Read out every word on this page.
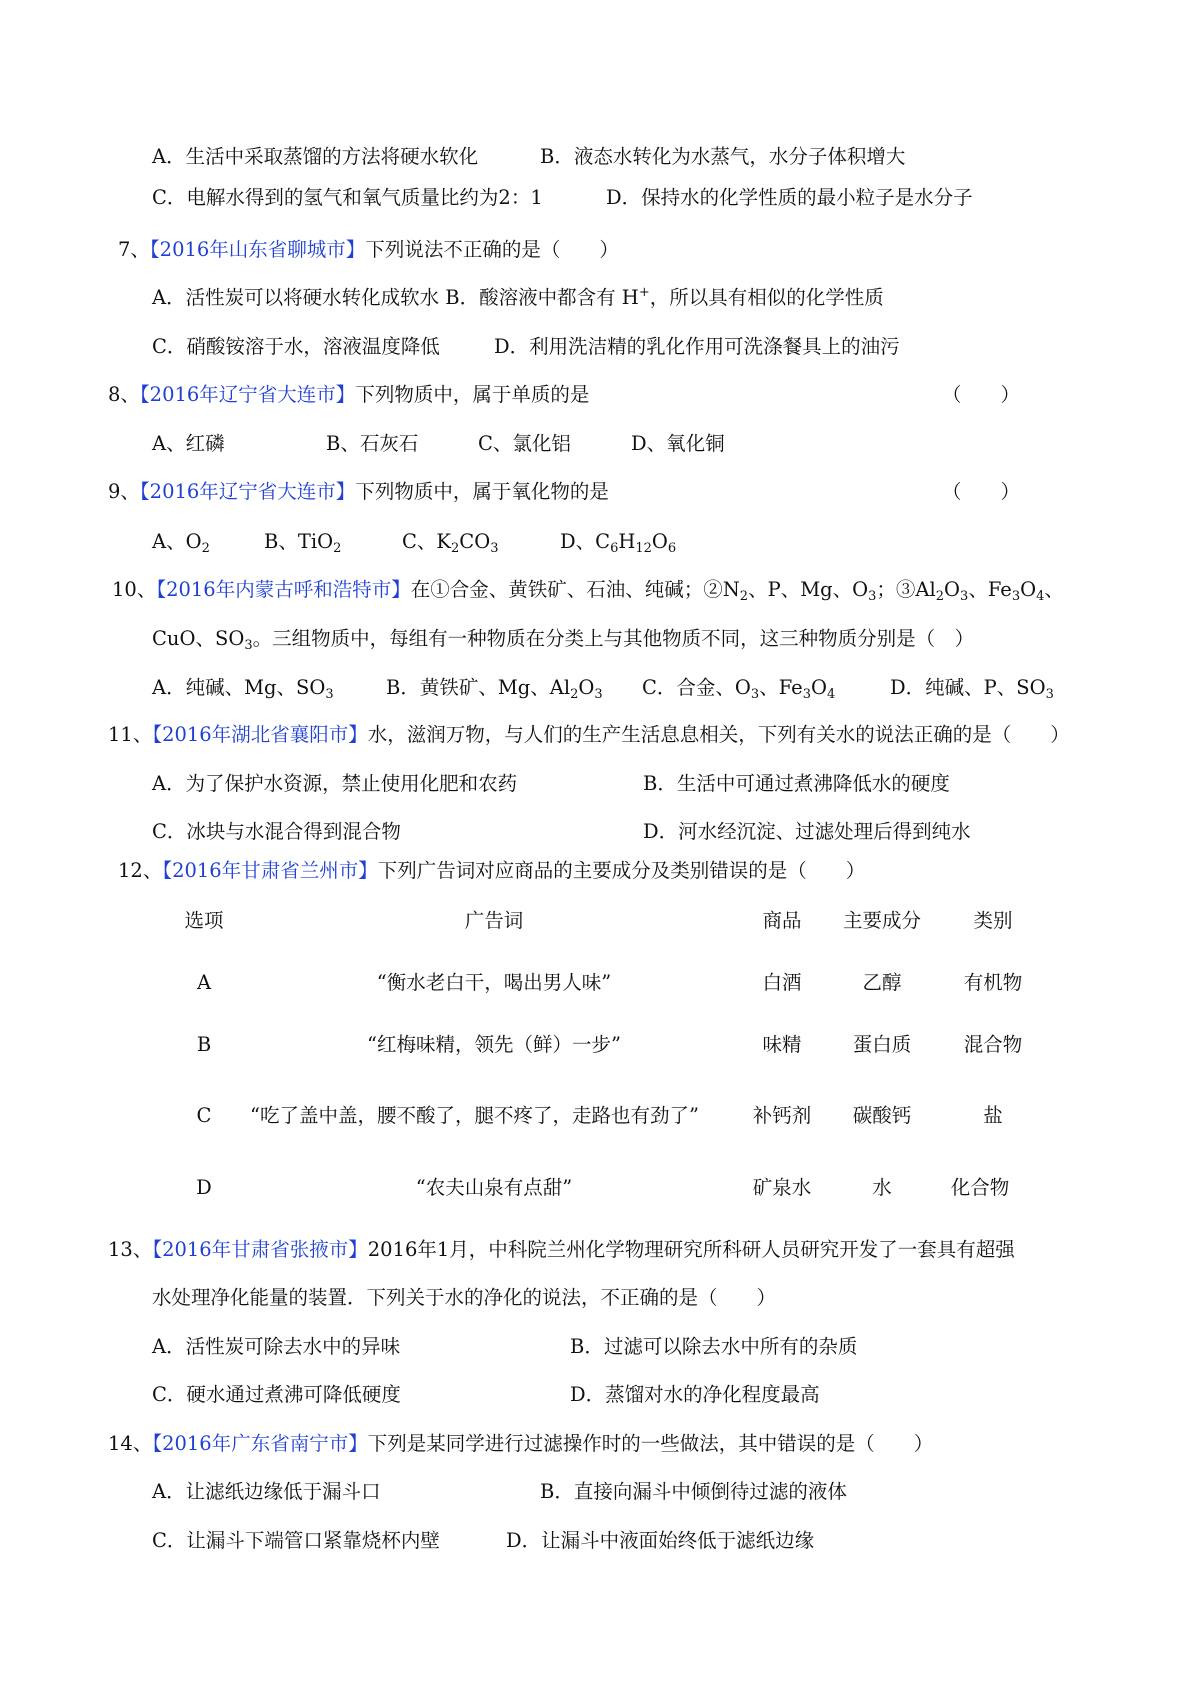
A．生活中采取蒸馏的方法将硬水软化	B．液态水转化为水蒸气，水分子体积增大
C．电解水得到的氢气和氧气质量比约为2：1	D．保持水的化学性质的最小粒子是水分子
7、【2016年山东省聊城市】下列说法不正确的是（　　）
A．活性炭可以将硬水转化成软水 B．酸溶液中都含有 H+，所以具有相似的化学性质
C．硝酸铵溶于水，溶液温度降低	D．利用洗洁精的乳化作用可洗涤餐具上的油污
8、【2016年辽宁省大连市】下列物质中，属于单质的是	（　　）
A、红磷	B、石灰石	C、氯化铝	D、氧化铜
9、【2016年辽宁省大连市】下列物质中，属于氧化物的是	（　　）
A、$O_2$	B、TiO$_2$	C、$K_2CO_3$	D、$C_6H_{12}O_6$
10、【2016年内蒙古呼和浩特市】在①合金、黄铁矿、石油、纯碱；$②N_2$、P、Mg、$O_3$；$③Al_2O_3$、$Fe_3O_4$、
CuO、$SO_3$。三组物质中，每组有一种物质在分类上与其他物质不同，这三种物质分别是（　）
A．纯碱、Mg、$SO_3$	B．黄铁矿、Mg、$Al_2O_3$ C．合金、$O_3$、$Fe_3O_4$	D．纯碱、P、$SO_3$
11、【2016年湖北省襄阳市】水，滋润万物，与人们的生产生活息息相关，下列有关水的说法正确的是（　　）
A．为了保护水资源，禁止使用化肥和农药	B．生活中可通过煮沸降低水的硬度
C．冰块与水混合得到混合物	D．河水经沉淀、过滤处理后得到纯水
12、【2016年甘肃省兰州市】下列广告词对应商品的主要成分及类别错误的是（　　）
选项	广告词	商品 主要成分	类别
A	“衡水老白干，喝出男人味”	白酒	乙醇	有机物
B	“红梅味精，领先（鲜）一步”	味精	蛋白质	混合物
C “吃了盖中盖，腰不酸了，腿不疼了，走路也有劲了”	补钙剂 碳酸钙	盐
D	“农夫山泉有点甜”	矿泉水	水	化合物
13、【2016年甘肃省张掖市】2016年1月，中科院兰州化学物理研究所科研人员研究开发了一套具有超强
水处理净化能量的装置．下列关于水的净化的说法，不正确的是（　　）
A．活性炭可除去水中的异味	B．过滤可以除去水中所有的杂质
C．硬水通过煮沸可降低硬度	D．蒸馏对水的净化程度最高
14、【2016年广东省南宁市】下列是某同学进行过滤操作时的一些做法，其中错误的是（　　）
A．让滤纸边缘低于漏斗口	B．直接向漏斗中倾倒待过滤的液体
C．让漏斗下端管口紧靠烧杯内壁	D．让漏斗中液面始终低于滤纸边缘
